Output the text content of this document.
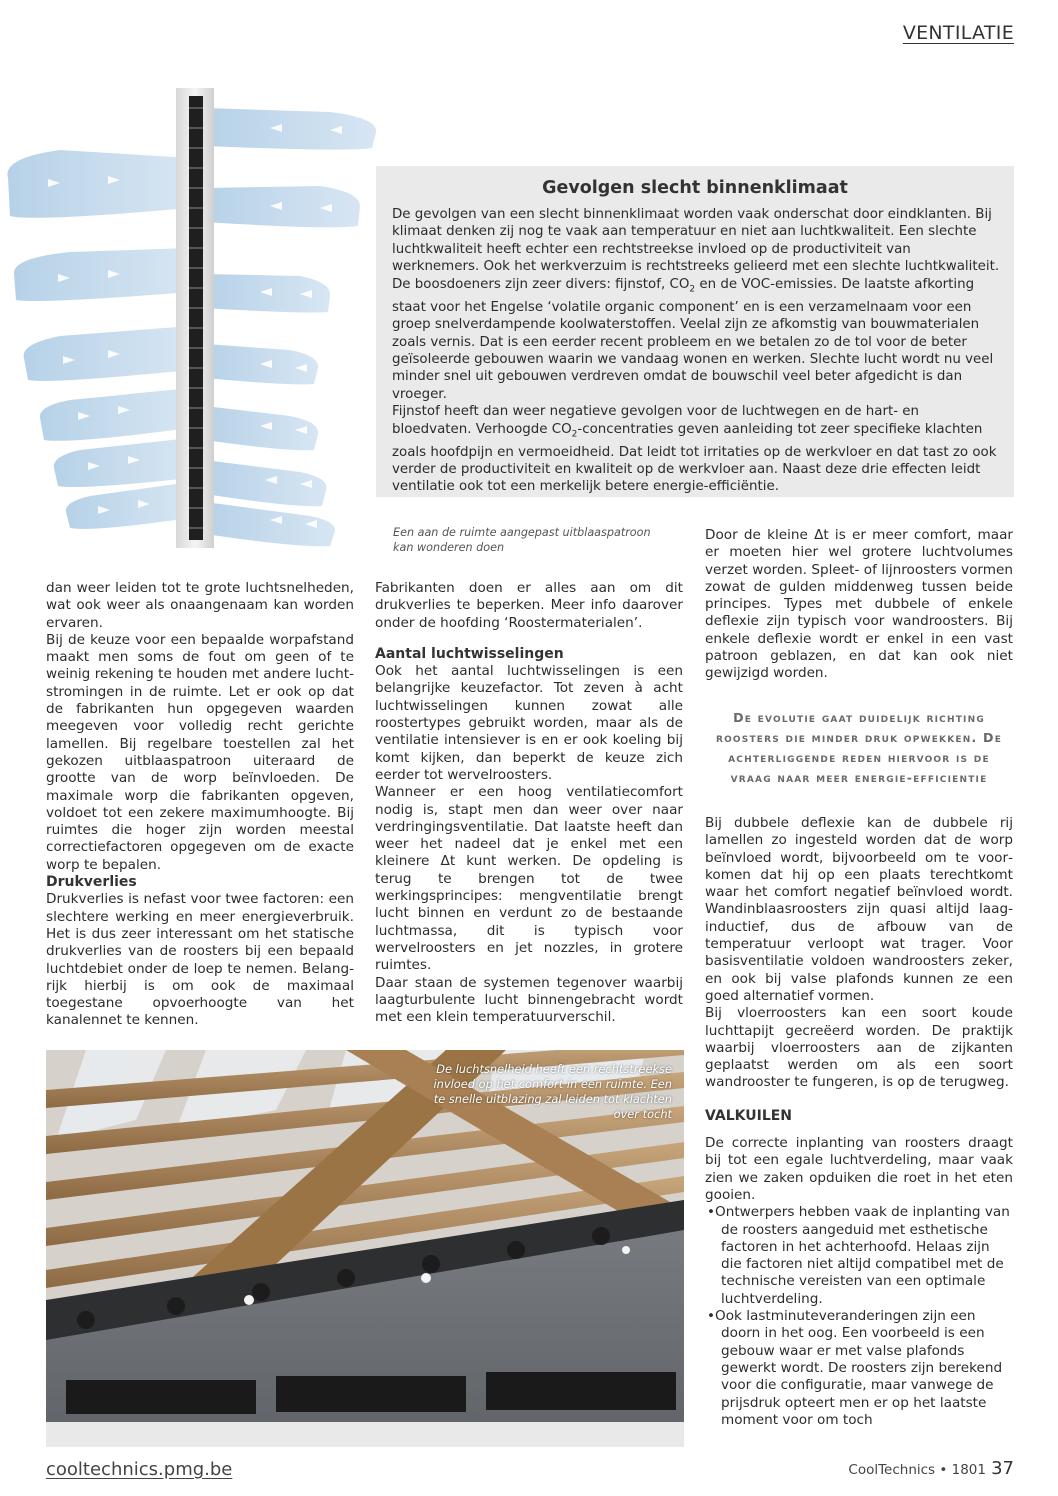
VENTILATIE
Gevolgen slecht binnenklimaat
De gevolgen van een slecht binnenklimaat worden vaak onderschat door eindklanten. Bij klimaat denken zij nog te vaak aan temperatuur en niet aan luchtkwaliteit. Een slechte luchtkwaliteit heeft echter een rechtstreekse invloed op de productiviteit van werknemers. Ook het werkverzuim is rechtstreeks gelieerd met een slechte luchtkwaliteit. De boosdoeners zijn zeer divers: fijnstof, $CO_2$ en de VOC-emissies. De laatste afkorting staat voor het Engelse ‘volatile organic component’ en is een verzamelnaam voor een groep snelverdampende koolwaterstoffen. Veelal zijn ze afkomstig van bouwmaterialen zoals vernis. Dat is een eerder recent probleem en we betalen zo de tol voor de beter geïsoleerde gebouwen waarin we vandaag wonen en werken. Slechte lucht wordt nu veel minder snel uit gebouwen verdreven omdat de bouwschil veel beter afgedicht is dan vroeger.
Fijnstof heeft dan weer negatieve gevolgen voor de luchtwegen en de hart- en bloedvaten. Verhoogde $CO_2$-concentraties geven aanleiding tot zeer specifieke klachten zoals hoofdpijn en vermoeidheid. Dat leidt tot irritaties op de werkvloer en dat tast zo ook verder de productiviteit en kwaliteit op de werkvloer aan. Naast deze drie effecten leidt ventilatie ook tot een merkelijk betere energie-efficiëntie.
Een aan de ruimte aangepast uitblaaspatroon
kan wonderen doen

dan weer leiden tot te grote luchtsnelheden, wat ook weer als onaangenaam kan worden ervaren.

Bij de keuze voor een bepaalde worpafstand maakt men soms de fout om geen of te weinig rekening te houden met andere luchtstromingen in de ruimte. Let er ook op dat de fabrikanten hun opgegeven waarden meegeven voor volledig recht gerichte lamellen. Bij regelbare toestellen zal het gekozen uitblaaspatroon uiteraard de grootte van de worp beïnvloeden. De maximale worp die fabrikanten opgeven, voldoet tot een zekere maximumhoogte. Bij ruimtes die hoger zijn worden meestal correctiefactoren opgegeven om de exacte worp te bepalen.

Drukverlies

Drukverlies is nefast voor twee factoren: een slechtere werking en meer energieverbruik. Het is dus zeer interessant om het statische drukverlies van de roosters bij een bepaald luchtdebiet onder de loep te nemen. Belangrijk hierbij is om ook de maximaal toegestane opvoerhoogte van het kanalennet te kennen.

Fabrikanten doen er alles aan om dit drukverlies te beperken. Meer info daarover onder de hoofding ‘Roostermaterialen’.

Aantal luchtwisselingen

Ook het aantal luchtwisselingen is een belangrijke keuzefactor. Tot zeven à acht luchtwisselingen kunnen zowat alle roostertypes gebruikt worden, maar als de ventilatie intensiever is en er ook koeling bij komt kijken, dan beperkt de keuze zich eerder tot wervelroosters.

Wanneer er een hoog ventilatiecomfort nodig is, stapt men dan weer over naar verdringingsventilatie. Dat laatste heeft dan weer het nadeel dat je enkel met een kleinere Δt kunt werken. De opdeling is terug te brengen tot de twee werkingsprincipes: mengventilatie brengt lucht binnen en verdunt zo de bestaande luchtmassa, dit is typisch voor wervelroosters en jet nozzles, in grotere ruimtes.

Daar staan de systemen tegenover waarbij laagturbulente lucht binnengebracht wordt met een klein temperatuurverschil.

Door de kleine Δt is er meer comfort, maar er moeten hier wel grotere luchtvolumes verzet worden. Spleet- of lijnroosters vormen zowat de gulden middenweg tussen beide principes. Types met dubbele of enkele deflexie zijn typisch voor wandroosters. Bij enkele deflexie wordt er enkel in een vast patroon geblazen, en dat kan ook niet gewijzigd worden.

De evolutie gaat duidelijk richting roosters die minder druk opwekken. De achterliggende reden hiervoor is de vraag naar meer energie-efficientie

Bij dubbele deflexie kan de dubbele rij lamellen zo ingesteld worden dat de worp beïnvloed wordt, bijvoorbeeld om te voorkomen dat hij op een plaats terechtkomt waar het comfort negatief beïnvloed wordt. Wandinblaasroosters zijn quasi altijd laaginductief, dus de afbouw van de temperatuur verloopt wat trager. Voor basisventilatie voldoen wandroosters zeker, en ook bij valse plafonds kunnen ze een goed alternatief vormen.

Bij vloerroosters kan een soort koude luchttapijt gecreëerd worden. De praktijk waarbij vloerroosters aan de zijkanten geplaatst werden om als een soort wandrooster te fungeren, is op de terugweg.

VALKUILEN

De correcte inplanting van roosters draagt bij tot een egale luchtverdeling, maar vaak zien we zaken opduiken die roet in het eten gooien.

•Ontwerpers hebben vaak de inplanting van de roosters aangeduid met esthetische factoren in het achterhoofd. Helaas zijn die factoren niet altijd compatibel met de technische vereisten van een optimale luchtverdeling.

•Ook lastminuteveranderingen zijn een doorn in het oog. Een voorbeeld is een gebouw waar er met valse plafonds gewerkt wordt. De roosters zijn berekend voor die configuratie, maar vanwege de prijsdruk opteert men er op het laatste moment voor om toch

De luchtsnelheid heeft een rechtstreekse invloed op het comfort in een ruimte. Een te snelle uitblazing zal leiden tot klachten over tocht
cooltechnics.pmg.be	CoolTechnics • 1801 37
